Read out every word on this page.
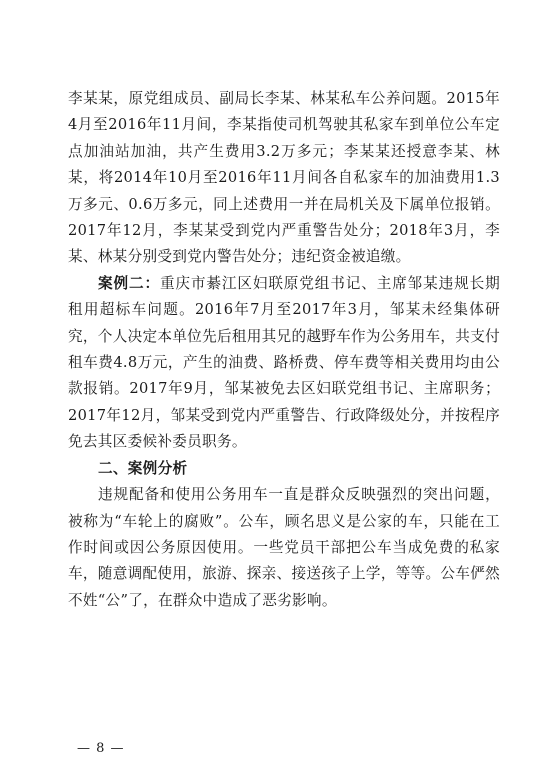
李某某，原党组成员、副局长李某、林某私车公养问题。2015年4月至2016年11月间，李某指使司机驾驶其私家车到单位公车定点加油站加油，共产生费用3.2万多元；李某某还授意李某、林某，将2014年10月至2016年11月间各自私家车的加油费用1.3万多元、0.6万多元，同上述费用一并在局机关及下属单位报销。2017年12月，李某某受到党内严重警告处分；2018年3月，李某、林某分别受到党内警告处分；违纪资金被追缴。

案例二：重庆市綦江区妇联原党组书记、主席邹某违规长期租用超标车问题。2016年7月至2017年3月，邹某未经集体研究，个人决定本单位先后租用其兄的越野车作为公务用车，共支付租车费4.8万元，产生的油费、路桥费、停车费等相关费用均由公款报销。2017年9月，邹某被免去区妇联党组书记、主席职务；2017年12月，邹某受到党内严重警告、行政降级处分，并按程序免去其区委候补委员职务。

二、案例分析

违规配备和使用公务用车一直是群众反映强烈的突出问题，被称为“车轮上的腐败”。公车，顾名思义是公家的车，只能在工作时间或因公务原因使用。一些党员干部把公车当成免费的私家车，随意调配使用，旅游、探亲、接送孩子上学，等等。公车俨然不姓“公”了，在群众中造成了恶劣影响。

— 8 —
